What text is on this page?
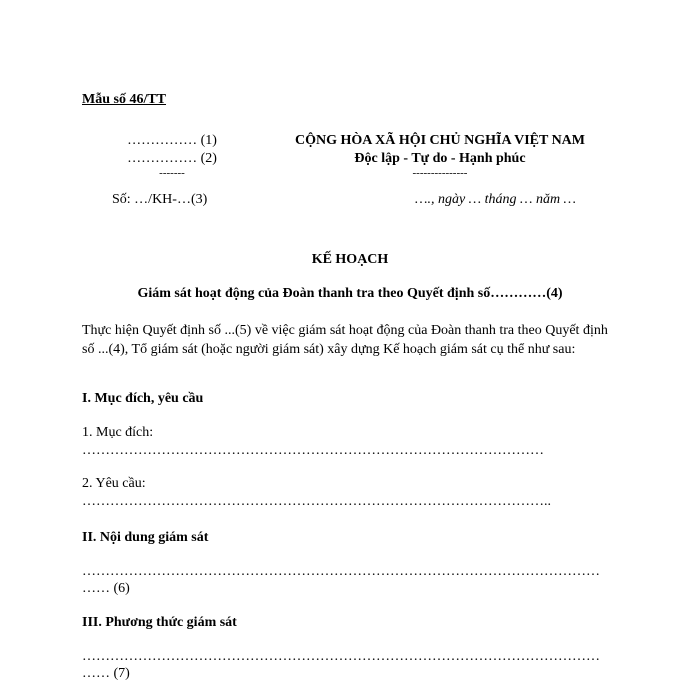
Mẫu số 46/TT
…………… (1)
…………… (2)
-------
Số: …/KH-…(3)
CỘNG HÒA XÃ HỘI CHỦ NGHĨA VIỆT NAM
Độc lập - Tự do - Hạnh phúc
---------------
…., ngày … tháng … năm …
KẾ HOẠCH
Giám sát hoạt động của Đoàn thanh tra theo Quyết định số…………(4)
Thực hiện Quyết định số ...(5) về việc giám sát hoạt động của Đoàn thanh tra theo Quyết định số ...(4), Tổ giám sát (hoặc người giám sát) xây dựng Kế hoạch giám sát cụ thể như sau:
I. Mục đích, yêu cầu
1. Mục đích:
………………………………………………………………………………………
2. Yêu cầu:
………………………………………………………………………………………..
II. Nội dung giám sát
…………………………………………………………………………………………………
…… (6)
III. Phương thức giám sát
…………………………………………………………………………………………………
…… (7)
